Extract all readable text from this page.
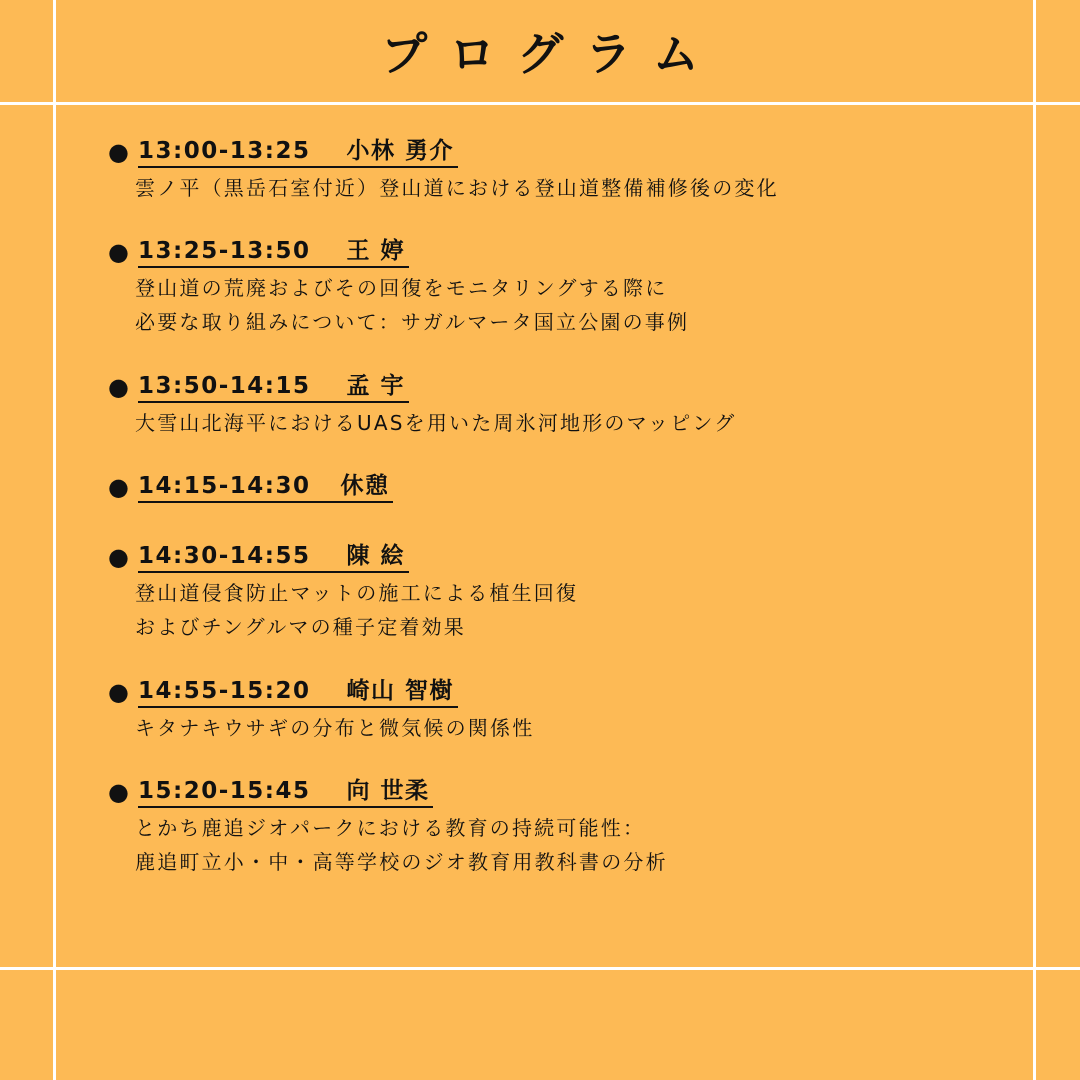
プログラム
● 13:00-13:25 小林 勇介
雲ノ平（黒岳石室付近）登山道における登山道整備補修後の変化
● 13:25-13:50 王 婷
登山道の荒廃およびその回復をモニタリングする際に
必要な取り組みについて：サガルマータ国立公園の事例
● 13:50-14:15 孟 宇
大雪山北海平におけるUASを用いた周氷河地形のマッピング
● 14:15-14:30 休憩
● 14:30-14:55 陳 絵
登山道侵食防止マットの施工による植生回復
およびチングルマの種子定着効果
● 14:55-15:20 崎山 智樹
キタナキウサギの分布と微気候の関係性
● 15:20-15:45 向 世柔
とかち鹿追ジオパークにおける教育の持続可能性：
鹿追町立小・中・高等学校のジオ教育用教科書の分析
